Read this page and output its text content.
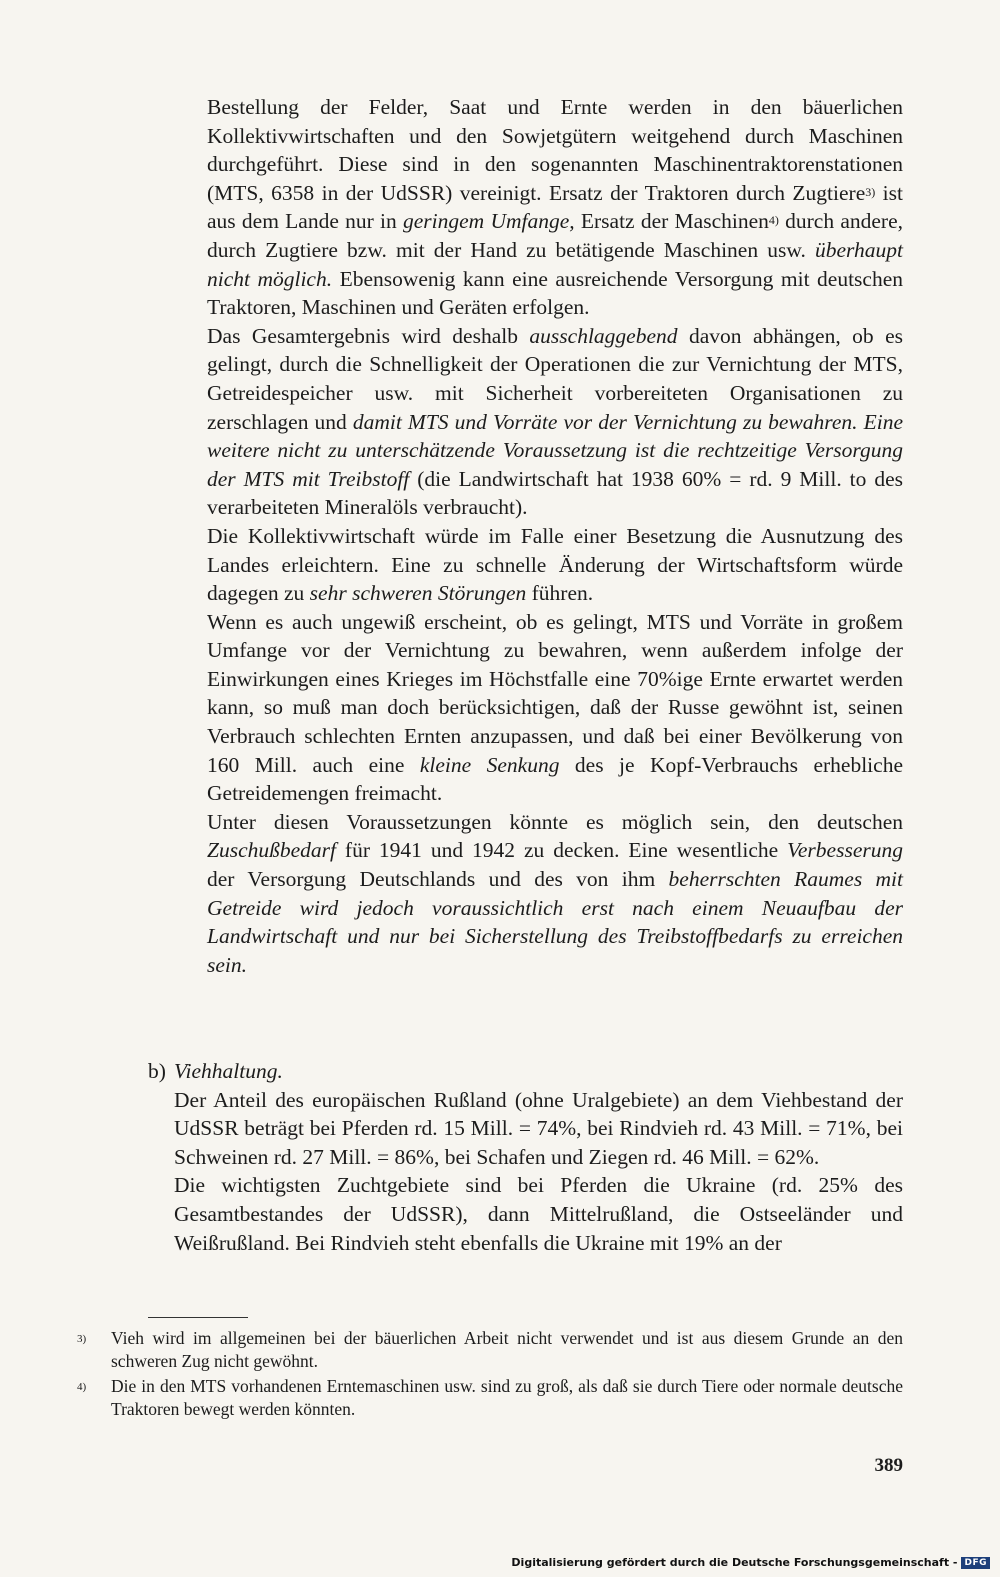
Bestellung der Felder, Saat und Ernte werden in den bäuerlichen Kollektivwirtschaften und den Sowjetgütern weitgehend durch Maschinen durchgeführt. Diese sind in den sogenannten Maschinentraktorenstationen (MTS, 6358 in der UdSSR) vereinigt. Ersatz der Traktoren durch Zugtiere$^{3)}$ ist aus dem Lande nur in geringem Umfange, Ersatz der Maschinen$^{4)}$ durch andere, durch Zugtiere bzw. mit der Hand zu betätigende Maschinen usw. überhaupt nicht möglich. Ebensowenig kann eine ausreichende Versorgung mit deutschen Traktoren, Maschinen und Geräten erfolgen.

Das Gesamtergebnis wird deshalb ausschlaggebend davon abhängen, ob es gelingt, durch die Schnelligkeit der Operationen die zur Vernichtung der MTS, Getreidespeicher usw. mit Sicherheit vorbereiteten Organisationen zu zerschlagen und damit MTS und Vorräte vor der Vernichtung zu bewahren. Eine weitere nicht zu unterschätzende Voraussetzung ist die rechtzeitige Versorgung der MTS mit Treibstoff (die Landwirtschaft hat 1938 60% = rd. 9 Mill. to des verarbeiteten Mineralöls verbraucht).

Die Kollektivwirtschaft würde im Falle einer Besetzung die Ausnutzung des Landes erleichtern. Eine zu schnelle Änderung der Wirtschaftsform würde dagegen zu sehr schweren Störungen führen.

Wenn es auch ungewiß erscheint, ob es gelingt, MTS und Vorräte in großem Umfange vor der Vernichtung zu bewahren, wenn außerdem infolge der Einwirkungen eines Krieges im Höchstfalle eine 70%ige Ernte erwartet werden kann, so muß man doch berücksichtigen, daß der Russe gewöhnt ist, seinen Verbrauch schlechten Ernten anzupassen, und daß bei einer Bevölkerung von 160 Mill. auch eine kleine Senkung des je Kopf-Verbrauchs erhebliche Getreidemengen freimacht.

Unter diesen Voraussetzungen könnte es möglich sein, den deutschen Zuschußbedarf für 1941 und 1942 zu decken. Eine wesentliche Verbesserung der Versorgung Deutschlands und des von ihm beherrschten Raumes mit Getreide wird jedoch voraussichtlich erst nach einem Neuaufbau der Landwirtschaft und nur bei Sicherstellung des Treibstoffbedarfs zu erreichen sein.

b) Viehhaltung.

Der Anteil des europäischen Rußland (ohne Uralgebiete) an dem Viehbestand der UdSSR beträgt bei Pferden rd. 15 Mill. = 74%, bei Rindvieh rd. 43 Mill. = 71%, bei Schweinen rd. 27 Mill. = 86%, bei Schafen und Ziegen rd. 46 Mill. = 62%.

Die wichtigsten Zuchtgebiete sind bei Pferden die Ukraine (rd. 25% des Gesamtbestandes der UdSSR), dann Mittelrußland, die Ostseeländer und Weißrußland. Bei Rindvieh steht ebenfalls die Ukraine mit 19% an der

$^{3)}$	Vieh wird im allgemeinen bei der bäuerlichen Arbeit nicht verwendet und ist aus diesem Grunde an den schweren Zug nicht gewöhnt.
$^{4)}$	Die in den MTS vorhandenen Erntemaschinen usw. sind zu groß, als daß sie durch Tiere oder normale deutsche Traktoren bewegt werden könnten.
389
Digitalisierung gefördert durch die Deutsche Forschungsgemeinschaft - DFG
